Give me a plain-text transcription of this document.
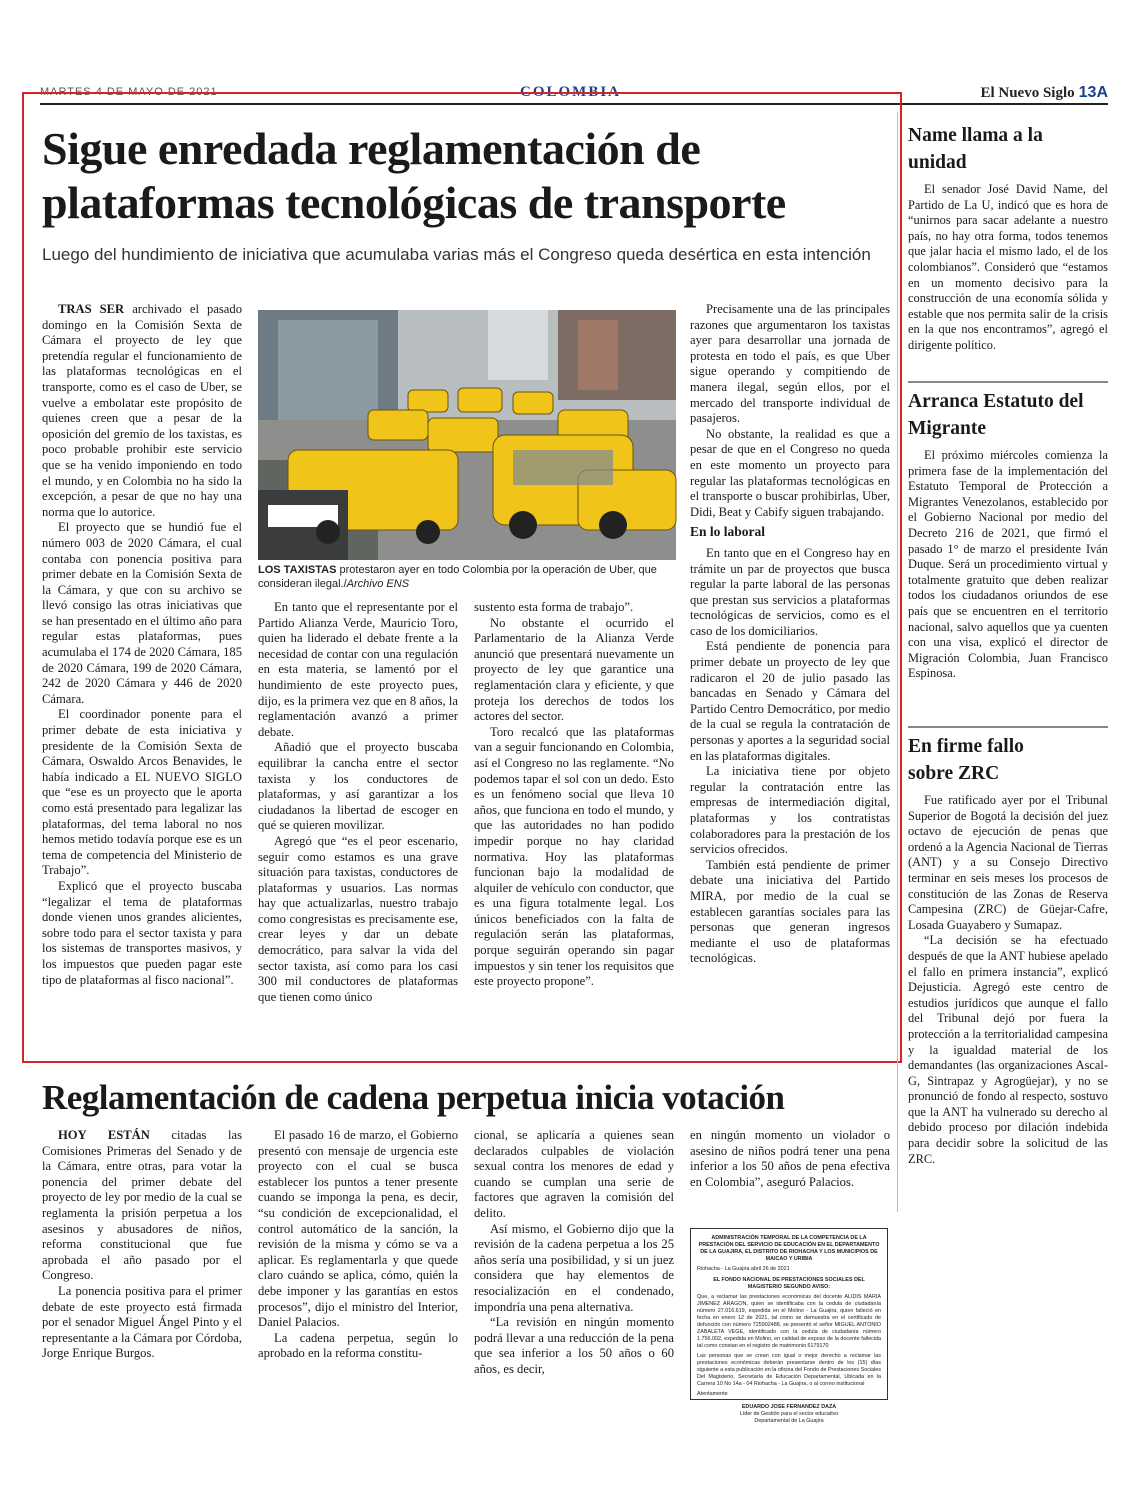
MARTES 4 DE MAYO DE 2021	COLOMBIA	El Nuevo Siglo 13A
Sigue enredada reglamentación de plataformas tecnológicas de transporte
Luego del hundimiento de iniciativa que acumulaba varias más el Congreso queda desértica en esta intención

TRAS SER archivado el pasado domingo en la Comisión Sexta de Cámara el proyecto de ley que pretendía regular el funcionamiento de las plataformas tecnológicas en el transporte, como es el caso de Uber, se vuelve a embolatar este propósito de quienes creen que a pesar de la oposición del gremio de los taxistas, es poco probable prohibir este servicio que se ha venido imponiendo en todo el mundo, y en Colombia no ha sido la excepción, a pesar de que no hay una norma que lo autorice.

El proyecto que se hundió fue el número 003 de 2020 Cámara, el cual contaba con ponencia positiva para primer debate en la Comisión Sexta de la Cámara, y que con su archivo se llevó consigo las otras iniciativas que se han presentado en el último año para regular estas plataformas, pues acumulaba el 174 de 2020 Cámara, 185 de 2020 Cámara, 199 de 2020 Cámara, 242 de 2020 Cámara y 446 de 2020 Cámara.

El coordinador ponente para el primer debate de esta iniciativa y presidente de la Comisión Sexta de Cámara, Oswaldo Arcos Benavides, le había indicado a EL NUEVO SIGLO que “ese es un proyecto que le aporta como está presentado para legalizar las plataformas, del tema laboral no nos hemos metido todavía porque ese es un tema de competencia del Ministerio de Trabajo”.

Explicó que el proyecto buscaba “legalizar el tema de plataformas donde vienen unos grandes alicientes, sobre todo para el sector taxista y para los sistemas de transportes masivos, y los impuestos que pueden pagar este tipo de plataformas al fisco nacional”.

LOS TAXISTAS protestaron ayer en todo Colombia por la operación de Uber, que consideran ilegal./Archivo ENS

En tanto que el representante por el Partido Alianza Verde, Mauricio Toro, quien ha liderado el debate frente a la necesidad de contar con una regulación en esta materia, se lamentó por el hundimiento de este proyecto pues, dijo, es la primera vez que en 8 años, la reglamentación avanzó a primer debate.

Añadió que el proyecto buscaba equilibrar la cancha entre el sector taxista y los conductores de plataformas, y así garantizar a los ciudadanos la libertad de escoger en qué se quieren movilizar.

Agregó que “es el peor escenario, seguir como estamos es una grave situación para taxistas, conductores de plataformas y usuarios. Las normas hay que actualizarlas, nuestro trabajo como congresistas es precisamente ese, crear leyes y dar un debate democrático, para salvar la vida del sector taxista, así como para los casi 300 mil conductores de plataformas que tienen como único

sustento esta forma de trabajo”.

No obstante el ocurrido el Parlamentario de la Alianza Verde anunció que presentará nuevamente un proyecto de ley que garantice una reglamentación clara y eficiente, y que proteja los derechos de todos los actores del sector.

Toro recalcó que las plataformas van a seguir funcionando en Colombia, así el Congreso no las reglamente. “No podemos tapar el sol con un dedo. Esto es un fenómeno social que lleva 10 años, que funciona en todo el mundo, y que las autoridades no han podido impedir porque no hay claridad normativa. Hoy las plataformas funcionan bajo la modalidad de alquiler de vehículo con conductor, que es una figura totalmente legal. Los únicos beneficiados con la falta de regulación serán las plataformas, porque seguirán operando sin pagar impuestos y sin tener los requisitos que este proyecto propone”.

Precisamente una de las principales razones que argumentaron los taxistas ayer para desarrollar una jornada de protesta en todo el país, es que Uber sigue operando y compitiendo de manera ilegal, según ellos, por el mercado del transporte individual de pasajeros.

No obstante, la realidad es que a pesar de que en el Congreso no queda en este momento un proyecto para regular las plataformas tecnológicas en el transporte o buscar prohibirlas, Uber, Didi, Beat y Cabify siguen trabajando.

En lo laboral

En tanto que en el Congreso hay en trámite un par de proyectos que busca regular la parte laboral de las personas que prestan sus servicios a plataformas tecnológicas de servicios, como es el caso de los domiciliarios.

Está pendiente de ponencia para primer debate un proyecto de ley que radicaron el 20 de julio pasado las bancadas en Senado y Cámara del Partido Centro Democrático, por medio de la cual se regula la contratación de personas y aportes a la seguridad social en las plataformas digitales.

La iniciativa tiene por objeto regular la contratación entre las empresas de intermediación digital, plataformas y los contratistas colaboradores para la prestación de los servicios ofrecidos.

También está pendiente de primer debate una iniciativa del Partido MIRA, por medio de la cual se establecen garantías sociales para las personas que generan ingresos mediante el uso de plataformas tecnológicas.

Name llama a la unidad

El senador José David Name, del Partido de La U, indicó que es hora de “unirnos para sacar adelante a nuestro país, no hay otra forma, todos tenemos que jalar hacia el mismo lado, el de los colombianos”. Consideró que “estamos en un momento decisivo para la construcción de una economía sólida y estable que nos permita salir de la crisis en la que nos encontramos”, agregó el dirigente político.

Arranca Estatuto del Migrante

El próximo miércoles comienza la primera fase de la implementación del Estatuto Temporal de Protección a Migrantes Venezolanos, establecido por el Gobierno Nacional por medio del Decreto 216 de 2021, que firmó el pasado 1° de marzo el presidente Iván Duque. Será un procedimiento virtual y totalmente gratuito que deben realizar todos los ciudadanos oriundos de ese país que se encuentren en el territorio nacional, salvo aquellos que ya cuenten con una visa, explicó el director de Migración Colombia, Juan Francisco Espinosa.

En firme fallo sobre ZRC

Fue ratificado ayer por el Tribunal Superior de Bogotá la decisión del juez octavo de ejecución de penas que ordenó a la Agencia Nacional de Tierras (ANT) y a su Consejo Directivo terminar en seis meses los procesos de constitución de las Zonas de Reserva Campesina (ZRC) de Güejar-Cafre, Losada Guayabero y Sumapaz.

“La decisión se ha efectuado después de que la ANT hubiese apelado el fallo en primera instancia”, explicó Dejusticia. Agregó este centro de estudios jurídicos que aunque el fallo del Tribunal dejó por fuera la protección a la territorialidad campesina y la igualdad material de los demandantes (las organizaciones Ascal-G, Sintrapaz y Agrogüejar), y no se pronunció de fondo al respecto, sostuvo que la ANT ha vulnerado su derecho al debido proceso por dilación indebida para decidir sobre la solicitud de las ZRC.

Reglamentación de cadena perpetua inicia votación

HOY ESTÁN citadas las Comisiones Primeras del Senado y de la Cámara, entre otras, para votar la ponencia del primer debate del proyecto de ley por medio de la cual se reglamenta la prisión perpetua a los asesinos y abusadores de niños, reforma constitucional que fue aprobada el año pasado por el Congreso.

La ponencia positiva para el primer debate de este proyecto está firmada por el senador Miguel Ángel Pinto y el representante a la Cámara por Córdoba, Jorge Enrique Burgos.

El pasado 16 de marzo, el Gobierno presentó con mensaje de urgencia este proyecto con el cual se busca establecer los puntos a tener presente cuando se imponga la pena, es decir, “su condición de excepcionalidad, el control automático de la sanción, la revisión de la misma y cómo se va a aplicar. Es reglamentarla y que quede claro cuándo se aplica, cómo, quién la debe imponer y las garantías en estos procesos”, dijo el ministro del Interior, Daniel Palacios.

La cadena perpetua, según lo aprobado en la reforma constitu-

cional, se aplicaría a quienes sean declarados culpables de violación sexual contra los menores de edad y cuando se cumplan una serie de factores que agraven la comisión del delito.

Así mismo, el Gobierno dijo que la revisión de la cadena perpetua a los 25 años sería una posibilidad, y si un juez considera que hay elementos de resocialización en el condenado, impondría una pena alternativa.

“La revisión en ningún momento podrá llevar a una reducción de la pena que sea inferior a los 50 años o 60 años, es decir,

en ningún momento un violador o asesino de niños podrá tener una pena inferior a los 50 años de pena efectiva en Colombia”, aseguró Palacios.

ADMINISTRACIÓN TEMPORAL DE LA COMPETENCIA DE LA PRESTACIÓN DEL SERVICIO DE EDUCACIÓN EN EL DEPARTAMENTO DE LA GUAJIRA, EL DISTRITO DE RIOHACHA Y LOS MUNICIPIOS DE MAICAO Y URIBIA

Riohacha - La Guajira abril 26 de 2021

EL FONDO NACIONAL DE PRESTACIONES SOCIALES DEL MAGISTERIO SEGUNDO AVISO:

Que, a reclamar las prestaciones económicas del docente ALIDIS MARIA JIMENEZ ARAGON, quien se identificaba con la cedula de ciudadanía número 27.016.619, expedida en el Molino - La Guajira, quien falleció en fecha en enero 12 de 2021, tal como se demuestra en el certificado de defunción con número 725902488, se presentó el señor MIGUEL ANTONIO ZABALETA VEGE, identificado con la cedula de ciudadanía número 1.756.002, expedida en Molino, en calidad de esposo de la docente fallecida tal como constan en el registro de matrimonio 6179170

Las personas que se crean con igual o mejor derecho a reclamar las prestaciones económicas deberán presentarse dentro de los (15) días siguiente a esta publicación en la oficina del Fondo de Prestaciones Sociales Del Magisterio, Secretaría de Educación Departamental, Ubicada en la Carrera 10 No 14a - 04 Riohacha - La Guajira, o al correo institucional

Atentamente

EDUARDO JOSE FERNANDEZ DAZA
Líder de Gestión para el sector educativo
Departamental de La Guajira
